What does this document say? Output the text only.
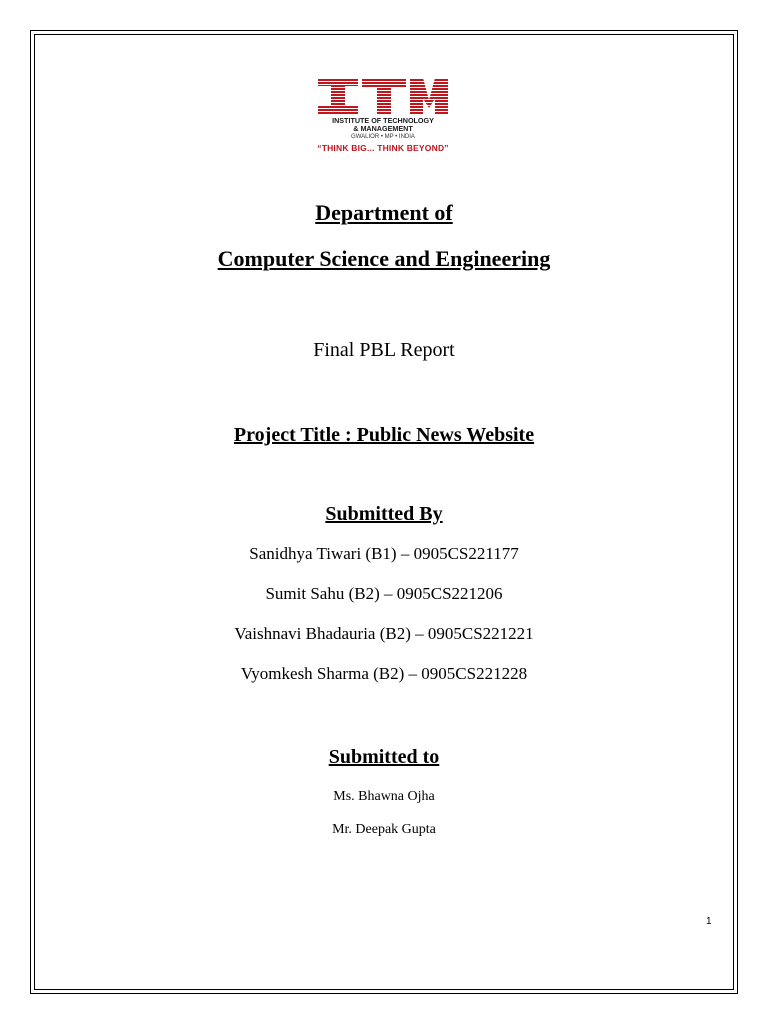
INSTITUTE OF TECHNOLOGY
& MANAGEMENT
GWALIOR • MP • INDIA
“THINK BIG... THINK BEYOND”
Department of
Computer Science and Engineering
Final PBL Report
Project Title : Public News Website
Submitted By
Sanidhya Tiwari (B1) – 0905CS221177
Sumit Sahu (B2) – 0905CS221206
Vaishnavi Bhadauria (B2) – 0905CS221221
Vyomkesh Sharma (B2) – 0905CS221228
Submitted to
Ms. Bhawna Ojha
Mr. Deepak Gupta
1
